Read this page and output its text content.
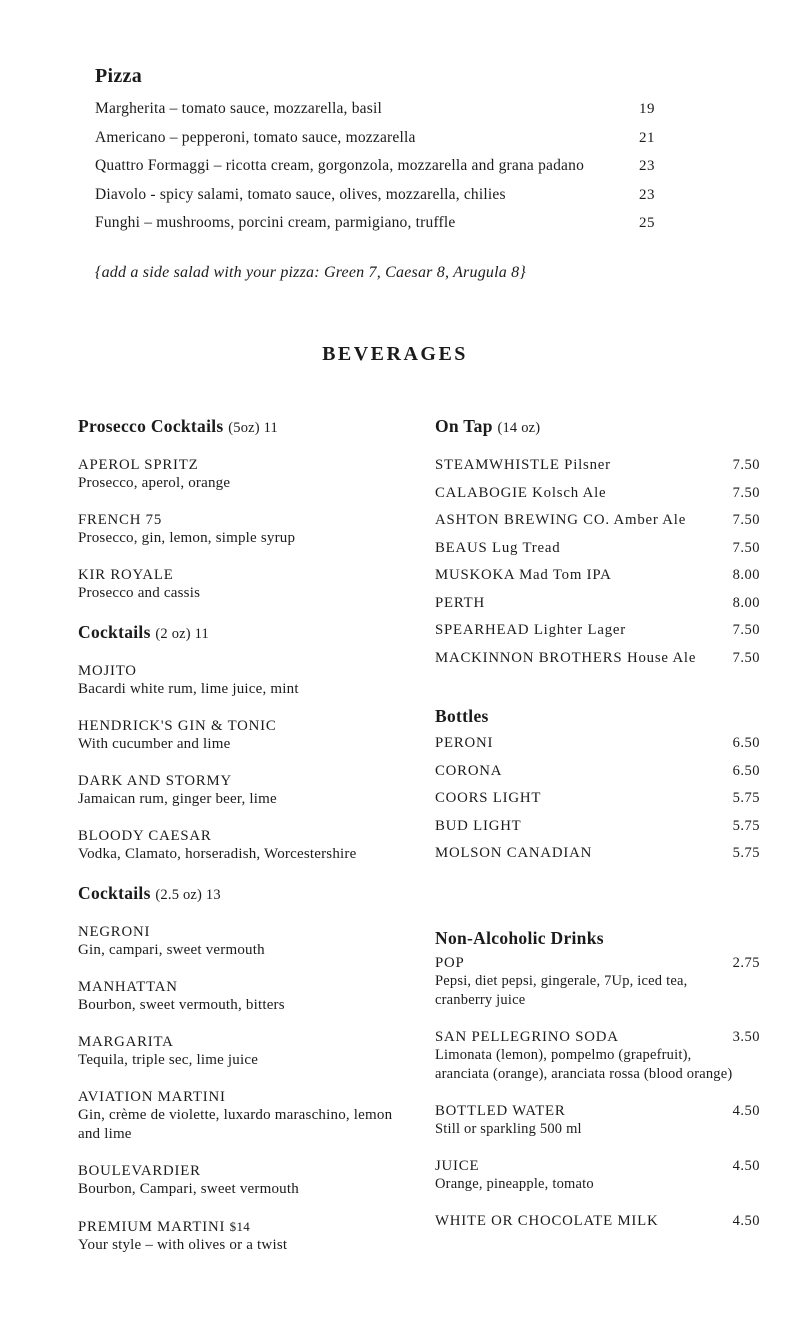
Pizza
Margherita – tomato sauce, mozzarella, basil	19
Americano – pepperoni, tomato sauce, mozzarella	21
Quattro Formaggi – ricotta cream, gorgonzola, mozzarella and grana padano	23
Diavolo - spicy salami, tomato sauce, olives, mozzarella, chilies	23
Funghi – mushrooms, porcini cream, parmigiano, truffle	25
{add a side salad with your pizza: Green 7, Caesar 8, Arugula 8}
BEVERAGES
Prosecco Cocktails (5oz) 11
APEROL SPRITZ
Prosecco, aperol, orange
FRENCH 75
Prosecco, gin, lemon, simple syrup
KIR ROYALE
Prosecco and cassis
Cocktails (2 oz) 11
MOJITO
Bacardi white rum, lime juice, mint
HENDRICK'S GIN & TONIC
With cucumber and lime
DARK AND STORMY
Jamaican rum, ginger beer, lime
BLOODY CAESAR
Vodka, Clamato, horseradish, Worcestershire
Cocktails (2.5 oz) 13
NEGRONI
Gin, campari, sweet vermouth
MANHATTAN
Bourbon, sweet vermouth, bitters
MARGARITA
Tequila, triple sec, lime juice
AVIATION MARTINI
Gin, crème de violette, luxardo maraschino, lemon
and lime
BOULEVARDIER
Bourbon, Campari, sweet vermouth
PREMIUM MARTINI $14
Your style – with olives or a twist
On Tap (14 oz)
STEAMWHISTLE Pilsner	7.50
CALABOGIE Kolsch Ale	7.50
ASHTON BREWING CO. Amber Ale	7.50
BEAUS Lug Tread	7.50
MUSKOKA Mad Tom IPA	8.00
PERTH	8.00
SPEARHEAD Lighter Lager	7.50
MACKINNON BROTHERS House Ale	7.50
Bottles
PERONI	6.50
CORONA	6.50
COORS LIGHT	5.75
BUD LIGHT	5.75
MOLSON CANADIAN	5.75
Non-Alcoholic Drinks
POP	2.75
Pepsi, diet pepsi, gingerale, 7Up, iced tea,
cranberry juice
SAN PELLEGRINO SODA	3.50
Limonata (lemon), pompelmo (grapefruit),
aranciata (orange), aranciata rossa (blood orange)
BOTTLED WATER	4.50
Still or sparkling 500 ml
JUICE	4.50
Orange, pineapple, tomato
WHITE OR CHOCOLATE MILK	4.50
